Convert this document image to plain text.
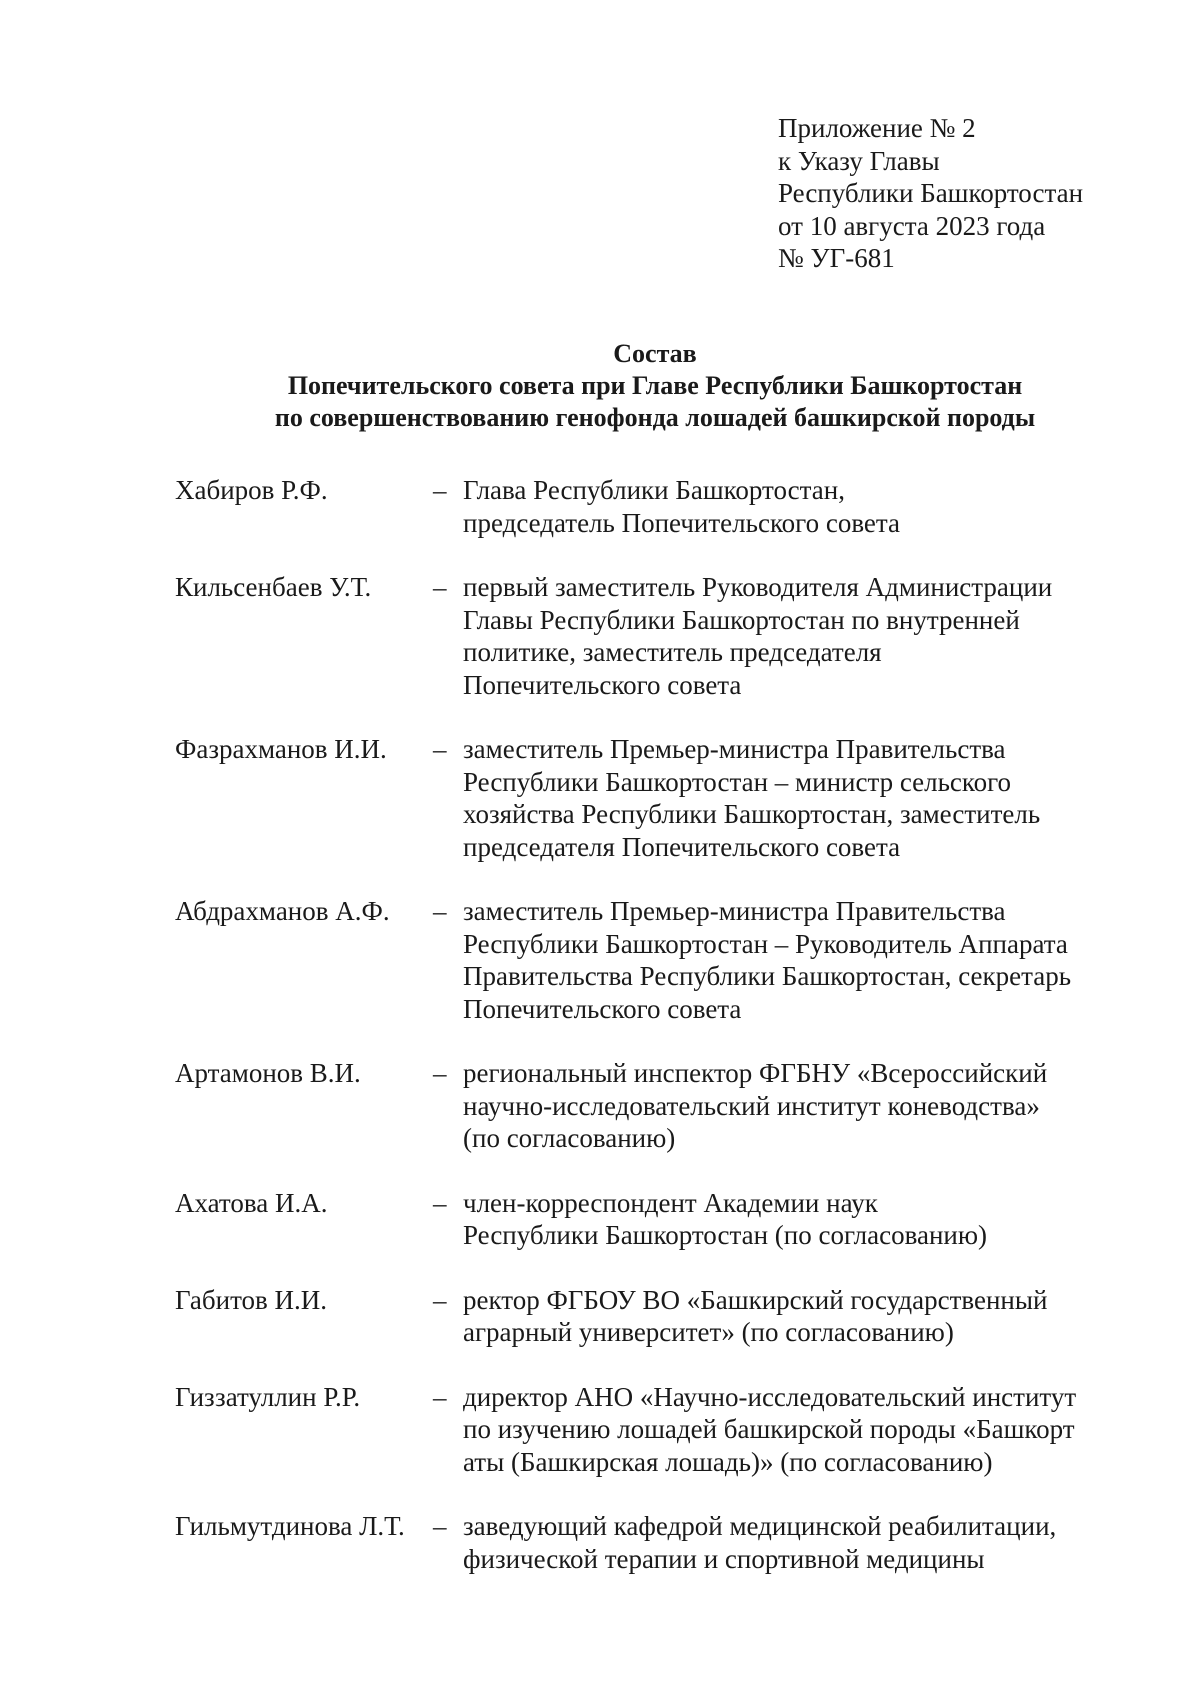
Приложение № 2
к Указу Главы
Республики Башкортостан
от 10 августа 2023 года
№ УГ-681
Состав
Попечительского совета при Главе Республики Башкортостан
по совершенствованию генофонда лошадей башкирской породы
Хабиров Р.Ф.	– Глава Республики Башкортостан,
председатель Попечительского совета
Кильсенбаев У.Т.	– первый заместитель Руководителя Администрации
Главы Республики Башкортостан по внутренней
политике, заместитель председателя
Попечительского совета
Фазрахманов И.И.	– заместитель Премьер-министра Правительства
Республики Башкортостан – министр сельского
хозяйства Республики Башкортостан, заместитель
председателя Попечительского совета
Абдрахманов А.Ф.	– заместитель Премьер-министра Правительства
Республики Башкортостан – Руководитель Аппарата
Правительства Республики Башкортостан, секретарь
Попечительского совета
Артамонов В.И.	– региональный инспектор ФГБНУ «Всероссийский
научно-исследовательский институт коневодства»
(по согласованию)
Ахатова И.А.	– член-корреспондент Академии наук
Республики Башкортостан (по согласованию)
Габитов И.И.	– ректор ФГБОУ ВО «Башкирский государственный
аграрный университет» (по согласованию)
Гиззатуллин Р.Р.	– директор АНО «Научно-исследовательский институт
по изучению лошадей башкирской породы «Башкорт
аты (Башкирская лошадь)» (по согласованию)
Гильмутдинова Л.Т.	– заведующий кафедрой медицинской реабилитации,
физической терапии и спортивной медицины
